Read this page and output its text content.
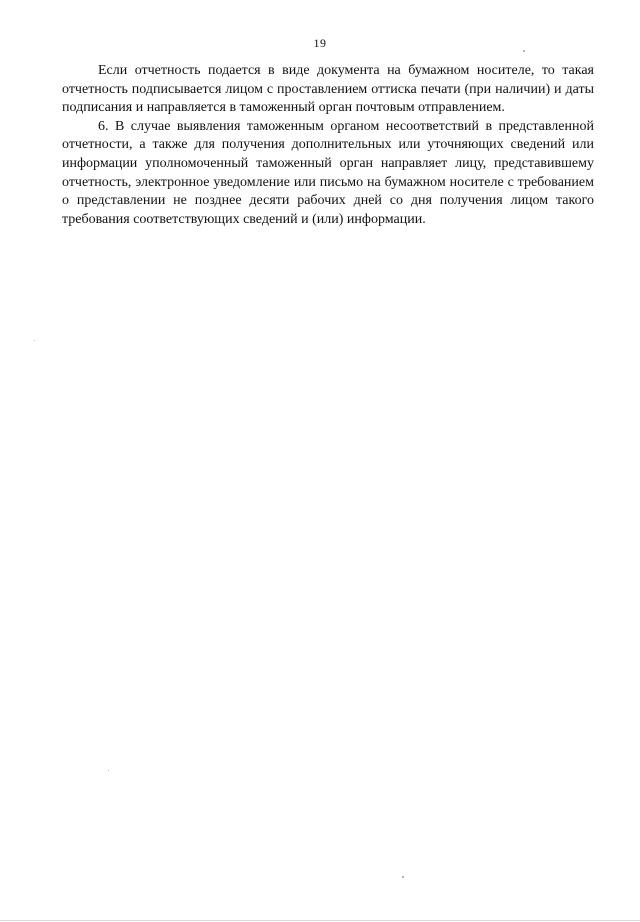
19

Если отчетность подается в виде документа на бумажном носителе, то такая отчетность подписывается лицом с проставлением оттиска печати (при наличии) и даты подписания и направляется в таможенный орган почтовым отправлением.

6. В случае выявления таможенным органом несоответствий в представленной отчетности, а также для получения дополнительных или уточняющих сведений или информации уполномоченный таможенный орган направляет лицу, представившему отчетность, электронное уведомление или письмо на бумажном носителе с требованием о представлении не позднее десяти рабочих дней со дня получения лицом такого требования соответствующих сведений и (или) информации.
